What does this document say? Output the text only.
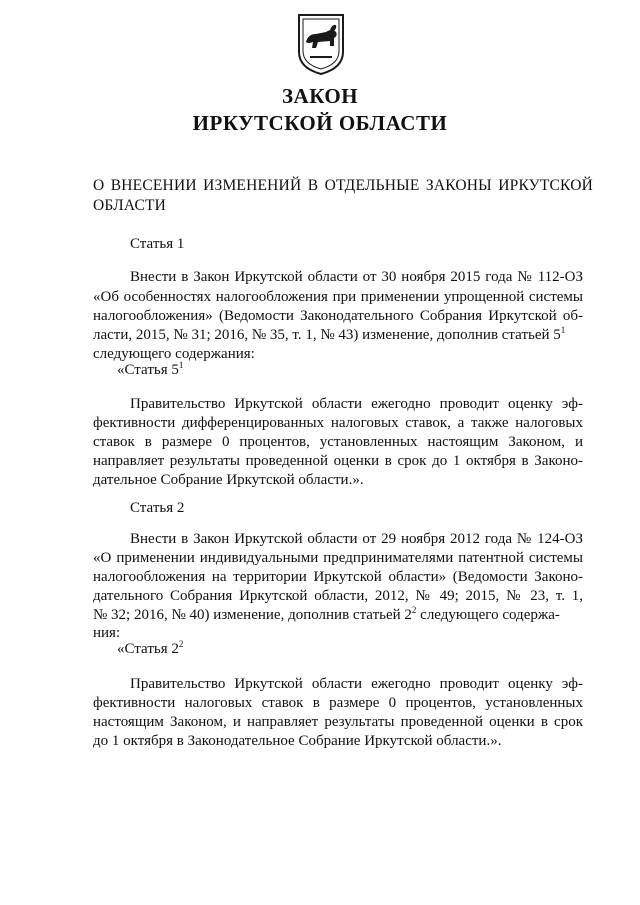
ЗАКОН
ИРКУТСКОЙ ОБЛАСТИ
О ВНЕСЕНИИ ИЗМЕНЕНИЙ В ОТДЕЛЬНЫЕ ЗАКОНЫ ИРКУТСКОЙ
ОБЛАСТИ
Статья 1
Внести в Закон Иркутской области от 30 ноября 2015 года № 112-ОЗ
«Об особенностях налогообложения при применении упрощенной системы
налогообложения» (Ведомости Законодательного Собрания Иркутской об-
ласти, 2015, № 31; 2016, № 35, т. 1, № 43) изменение, дополнив статьей $5^1$
следующего содержания:
«Статья $5^1$
Правительство Иркутской области ежегодно проводит оценку эф-
фективности дифференцированных налоговых ставок, а также налоговых
ставок в размере 0 процентов, установленных настоящим Законом, и
направляет результаты проведенной оценки в срок до 1 октября в Законо-
дательное Собрание Иркутской области.».
Статья 2
Внести в Закон Иркутской области от 29 ноября 2012 года № 124-ОЗ
«О применении индивидуальными предпринимателями патентной системы
налогообложения на территории Иркутской области» (Ведомости Законо-
дательного Собрания Иркутской области, 2012, № 49; 2015, № 23, т. 1,
№ 32; 2016, № 40) изменение, дополнив статьей $2^2$ следующего содержа-
ния:
«Статья $2^2$
Правительство Иркутской области ежегодно проводит оценку эф-
фективности налоговых ставок в размере 0 процентов, установленных
настоящим Законом, и направляет результаты проведенной оценки в срок
до 1 октября в Законодательное Собрание Иркутской области.».
